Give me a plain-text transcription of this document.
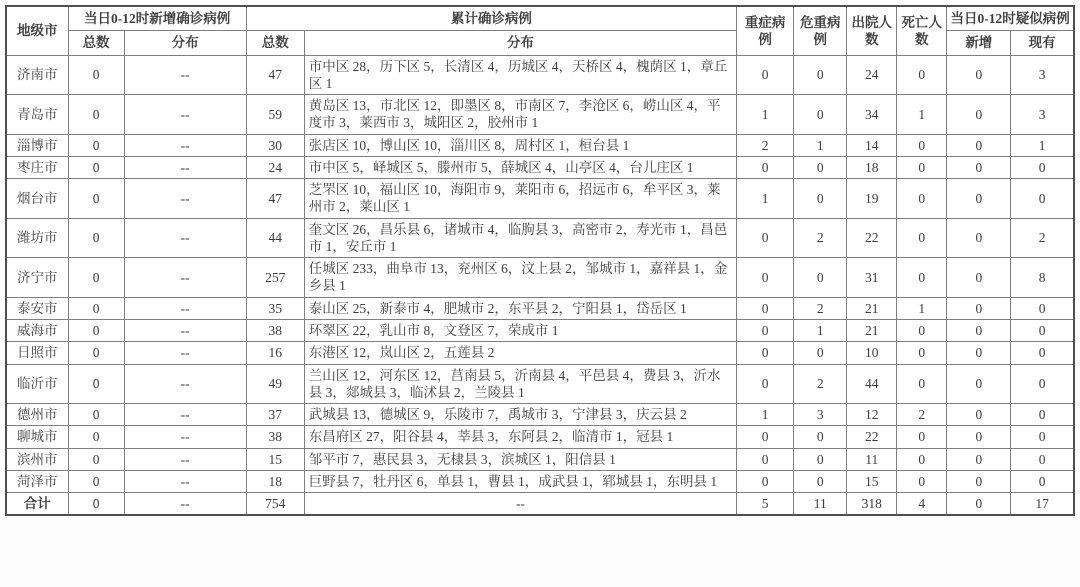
地级市	当日0-12时新增确诊病例		累计确诊病例		重症病例	危重病例	出院人数	死亡人数	当日0-12时疑似病例	
	总数	分布	总数	分布					新增	现有
济南市	0	--	47	市中区 28，历下区 5，长清区 4，历城区 4，天桥区 4，槐荫区 1，章丘区 1	0	0	24	0	0	3
青岛市	0	--	59	黄岛区 13，市北区 12，即墨区 8，市南区 7，李沧区 6，崂山区 4，平度市 3，莱西市 3，城阳区 2，胶州市 1	1	0	34	1	0	3
淄博市	0	--	30	张店区 10，博山区 10，淄川区 8，周村区 1，桓台县 1	2	1	14	0	0	1
枣庄市	0	--	24	市中区 5，峄城区 5，滕州市 5，薛城区 4，山亭区 4，台儿庄区 1	0	0	18	0	0	0
烟台市	0	--	47	芝罘区 10，福山区 10，海阳市 9，莱阳市 6，招远市 6，牟平区 3，莱州市 2，莱山区 1	1	0	19	0	0	0
潍坊市	0	--	44	奎文区 26，昌乐县 6，诸城市 4，临朐县 3，高密市 2，寿光市 1，昌邑市 1，安丘市 1	0	2	22	0	0	2
济宁市	0	--	257	任城区 233，曲阜市 13，兖州区 6，汶上县 2，邹城市 1，嘉祥县 1，金乡县 1	0	0	31	0	0	8
泰安市	0	--	35	泰山区 25，新泰市 4，肥城市 2，东平县 2，宁阳县 1，岱岳区 1	0	2	21	1	0	0
威海市	0	--	38	环翠区 22，乳山市 8，文登区 7，荣成市 1	0	1	21	0	0	0
日照市	0	--	16	东港区 12，岚山区 2，五莲县 2	0	0	10	0	0	0
临沂市	0	--	49	兰山区 12，河东区 12，莒南县 5，沂南县 4，平邑县 4，费县 3，沂水县 3，郯城县 3，临沭县 2，兰陵县 1	0	2	44	0	0	0
德州市	0	--	37	武城县 13，德城区 9，乐陵市 7，禹城市 3，宁津县 3，庆云县 2	1	3	12	2	0	0
聊城市	0	--	38	东昌府区 27，阳谷县 4，莘县 3，东阿县 2，临清市 1，冠县 1	0	0	22	0	0	0
滨州市	0	--	15	邹平市 7，惠民县 3，无棣县 3，滨城区 1，阳信县 1	0	0	11	0	0	0
菏泽市	0	--	18	巨野县 7，牡丹区 6，单县 1，曹县 1，成武县 1，郓城县 1，东明县 1	0	0	15	0	0	0
合计	0	--	754	--	5	11	318	4	0	17
